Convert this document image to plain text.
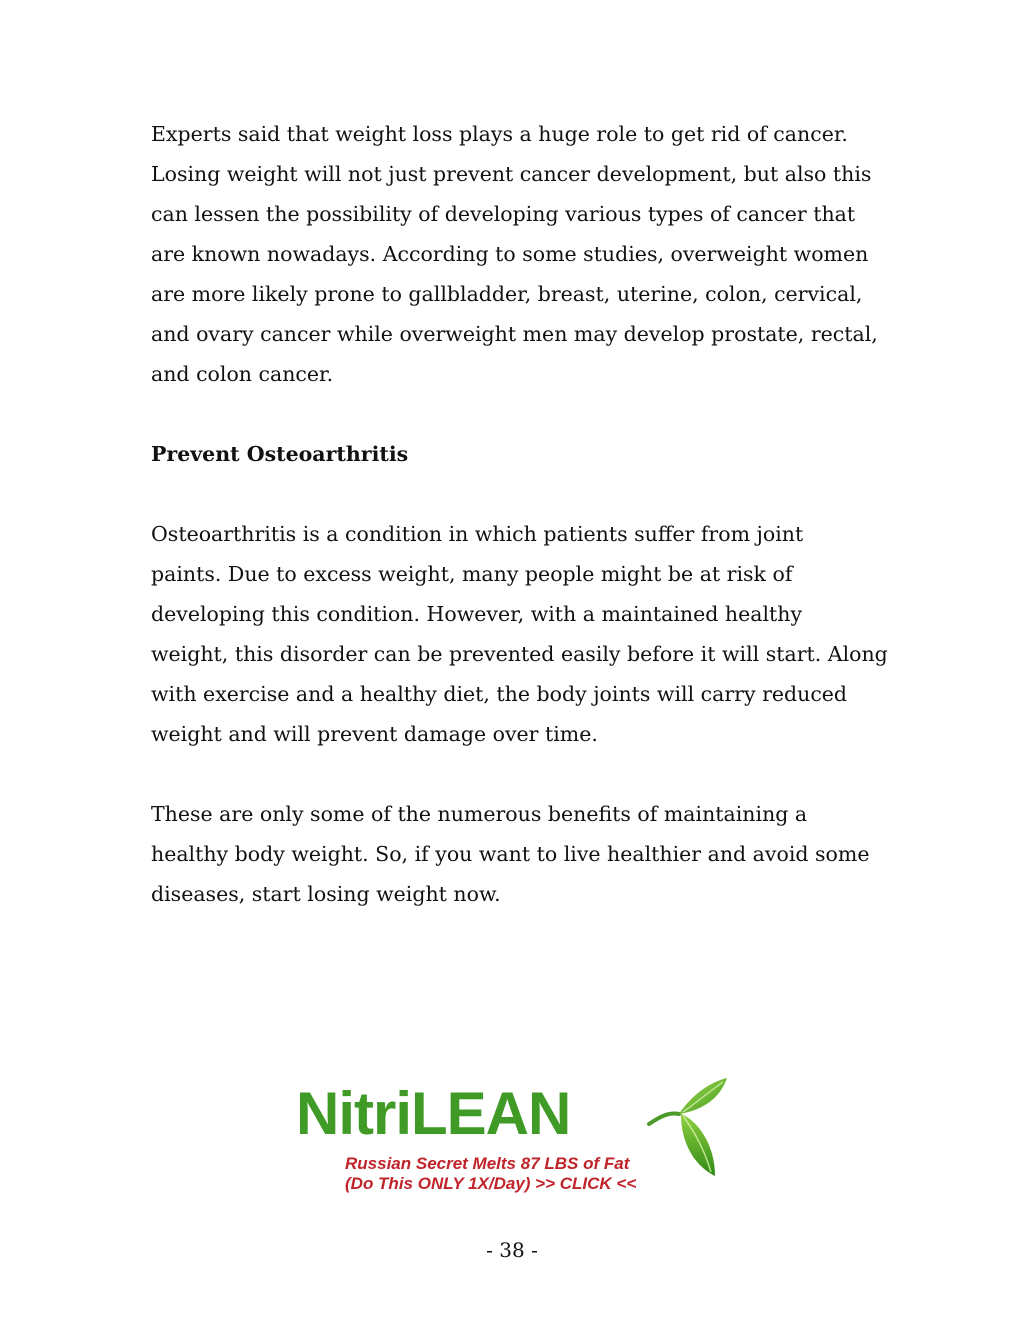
Experts said that weight loss plays a huge role to get rid of cancer.
Losing weight will not just prevent cancer development, but also this
can lessen the possibility of developing various types of cancer that
are known nowadays. According to some studies, overweight women
are more likely prone to gallbladder, breast, uterine, colon, cervical,
and ovary cancer while overweight men may develop prostate, rectal,
and colon cancer.
Prevent Osteoarthritis
Osteoarthritis is a condition in which patients suffer from joint
paints. Due to excess weight, many people might be at risk of
developing this condition. However, with a maintained healthy
weight, this disorder can be prevented easily before it will start. Along
with exercise and a healthy diet, the body joints will carry reduced
weight and will prevent damage over time.
These are only some of the numerous benefits of maintaining a
healthy body weight. So, if you want to live healthier and avoid some
diseases, start losing weight now.
NitriLEAN
Russian Secret Melts 87 LBS of Fat
(Do This ONLY 1X/Day) >> CLICK <<
- 38 -
